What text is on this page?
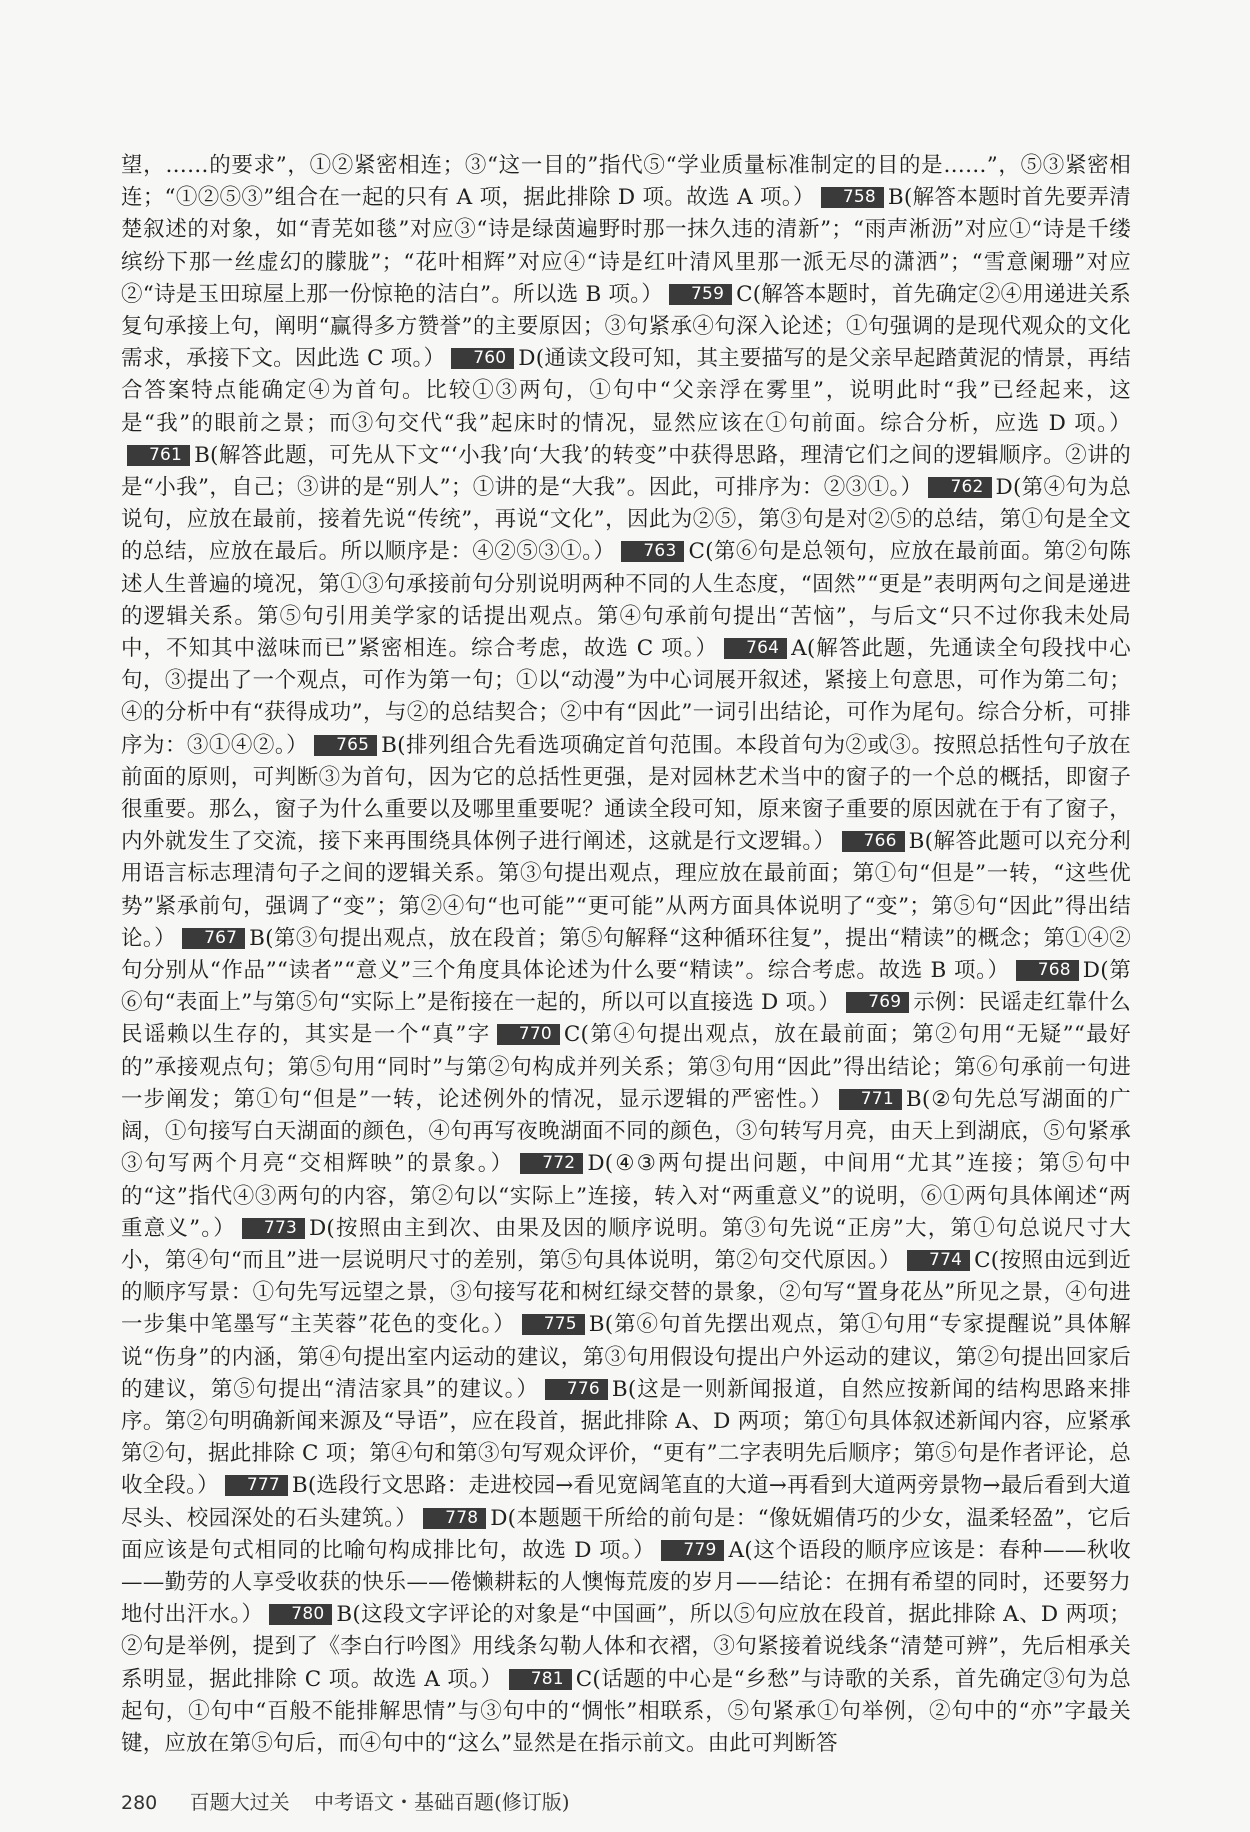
望，……的要求”，①②紧密相连；③“这一目的”指代⑤“学业质量标准制定的目的是……”，⑤③紧密相连；“①②⑤③”组合在一起的只有 A 项，据此排除 D 项。故选 A 项。） 758 B(解答本题时首先要弄清楚叙述的对象，如“青芜如毯”对应③“诗是绿茵遍野时那一抹久违的清新”；“雨声淅沥”对应①“诗是千缕缤纷下那一丝虚幻的朦胧”；“花叶相辉”对应④“诗是红叶清风里那一派无尽的潇洒”；“雪意阑珊”对应②“诗是玉田琼屋上那一份惊艳的洁白”。所以选 B 项。） 759 C(解答本题时，首先确定②④用递进关系复句承接上句，阐明“赢得多方赞誉”的主要原因；③句紧承④句深入论述；①句强调的是现代观众的文化需求，承接下文。因此选 C 项。） 760 D(通读文段可知，其主要描写的是父亲早起踏黄泥的情景，再结合答案特点能确定④为首句。比较①③两句，①句中“父亲浮在雾里”，说明此时“我”已经起来，这是“我”的眼前之景；而③句交代“我”起床时的情况，显然应该在①句前面。综合分析，应选 D 项。）761 B(解答此题，可先从下文“‘小我’向‘大我’的转变”中获得思路，理清它们之间的逻辑顺序。②讲的是“小我”，自己；③讲的是“别人”；①讲的是“大我”。因此，可排序为：②③①。） 762 D(第④句为总说句，应放在最前，接着先说“传统”，再说“文化”，因此为②⑤，第③句是对②⑤的总结，第①句是全文的总结，应放在最后。所以顺序是：④②⑤③①。） 763 C(第⑥句是总领句，应放在最前面。第②句陈述人生普遍的境况，第①③句承接前句分别说明两种不同的人生态度，“固然”“更是”表明两句之间是递进的逻辑关系。第⑤句引用美学家的话提出观点。第④句承前句提出“苦恼”，与后文“只不过你我未处局中，不知其中滋味而已”紧密相连。综合考虑，故选 C 项。） 764 A(解答此题，先通读全句段找中心句，③提出了一个观点，可作为第一句；①以“动漫”为中心词展开叙述，紧接上句意思，可作为第二句；④的分析中有“获得成功”，与②的总结契合；②中有“因此”一词引出结论，可作为尾句。综合分析，可排序为：③①④②。） 765 B(排列组合先看选项确定首句范围。本段首句为②或③。按照总括性句子放在前面的原则，可判断③为首句，因为它的总括性更强，是对园林艺术当中的窗子的一个总的概括，即窗子很重要。那么，窗子为什么重要以及哪里重要呢？通读全段可知，原来窗子重要的原因就在于有了窗子，内外就发生了交流，接下来再围绕具体例子进行阐述，这就是行文逻辑。） 766 B(解答此题可以充分利用语言标志理清句子之间的逻辑关系。第③句提出观点，理应放在最前面；第①句“但是”一转，“这些优势”紧承前句，强调了“变”；第②④句“也可能”“更可能”从两方面具体说明了“变”；第⑤句“因此”得出结论。） 767 B(第③句提出观点，放在段首；第⑤句解释“这种循环往复”，提出“精读”的概念；第①④②句分别从“作品”“读者”“意义”三个角度具体论述为什么要“精读”。综合考虑。故选 B 项。） 768 D(第⑥句“表面上”与第⑤句“实际上”是衔接在一起的，所以可以直接选 D 项。） 769 示例：民谣走红靠什么　民谣赖以生存的，其实是一个“真”字 770 C(第④句提出观点，放在最前面；第②句用“无疑”“最好的”承接观点句；第⑤句用“同时”与第②句构成并列关系；第③句用“因此”得出结论；第⑥句承前一句进一步阐发；第①句“但是”一转，论述例外的情况，显示逻辑的严密性。） 771 B(②句先总写湖面的广阔，①句接写白天湖面的颜色，④句再写夜晚湖面不同的颜色，③句转写月亮，由天上到湖底，⑤句紧承③句写两个月亮“交相辉映”的景象。） 772 D(④③两句提出问题，中间用“尤其”连接；第⑤句中的“这”指代④③两句的内容，第②句以“实际上”连接，转入对“两重意义”的说明，⑥①两句具体阐述“两重意义”。） 773 D(按照由主到次、由果及因的顺序说明。第③句先说“正房”大，第①句总说尺寸大小，第④句“而且”进一层说明尺寸的差别，第⑤句具体说明，第②句交代原因。） 774 C(按照由远到近的顺序写景：①句先写远望之景，③句接写花和树红绿交替的景象，②句写“置身花丛”所见之景，④句进一步集中笔墨写“主芙蓉”花色的变化。） 775 B(第⑥句首先摆出观点，第①句用“专家提醒说”具体解说“伤身”的内涵，第④句提出室内运动的建议，第③句用假设句提出户外运动的建议，第②句提出回家后的建议，第⑤句提出“清洁家具”的建议。） 776 B(这是一则新闻报道，自然应按新闻的结构思路来排序。第②句明确新闻来源及“导语”，应在段首，据此排除 A、D 两项；第①句具体叙述新闻内容，应紧承第②句，据此排除 C 项；第④句和第③句写观众评价，“更有”二字表明先后顺序；第⑤句是作者评论，总收全段。） 777 B(选段行文思路：走进校园→看见宽阔笔直的大道→再看到大道两旁景物→最后看到大道尽头、校园深处的石头建筑。） 778 D(本题题干所给的前句是：“像妩媚倩巧的少女，温柔轻盈”，它后面应该是句式相同的比喻句构成排比句，故选 D 项。） 779 A(这个语段的顺序应该是：春种——秋收——勤劳的人享受收获的快乐——倦懒耕耘的人懊悔荒废的岁月——结论：在拥有希望的同时，还要努力地付出汗水。） 780 B(这段文字评论的对象是“中国画”，所以⑤句应放在段首，据此排除 A、D 两项；②句是举例，提到了《李白行吟图》用线条勾勒人体和衣褶，③句紧接着说线条“清楚可辨”，先后相承关系明显，据此排除 C 项。故选 A 项。） 781 C(话题的中心是“乡愁”与诗歌的关系，首先确定③句为总起句，①句中“百般不能排解思情”与③句中的“惆怅”相联系，⑤句紧承①句举例，②句中的“亦”字最关键，应放在第⑤句后，而④句中的“这么”显然是在指示前文。由此可判断答
280 百题大过关 中考语文・基础百题(修订版)
